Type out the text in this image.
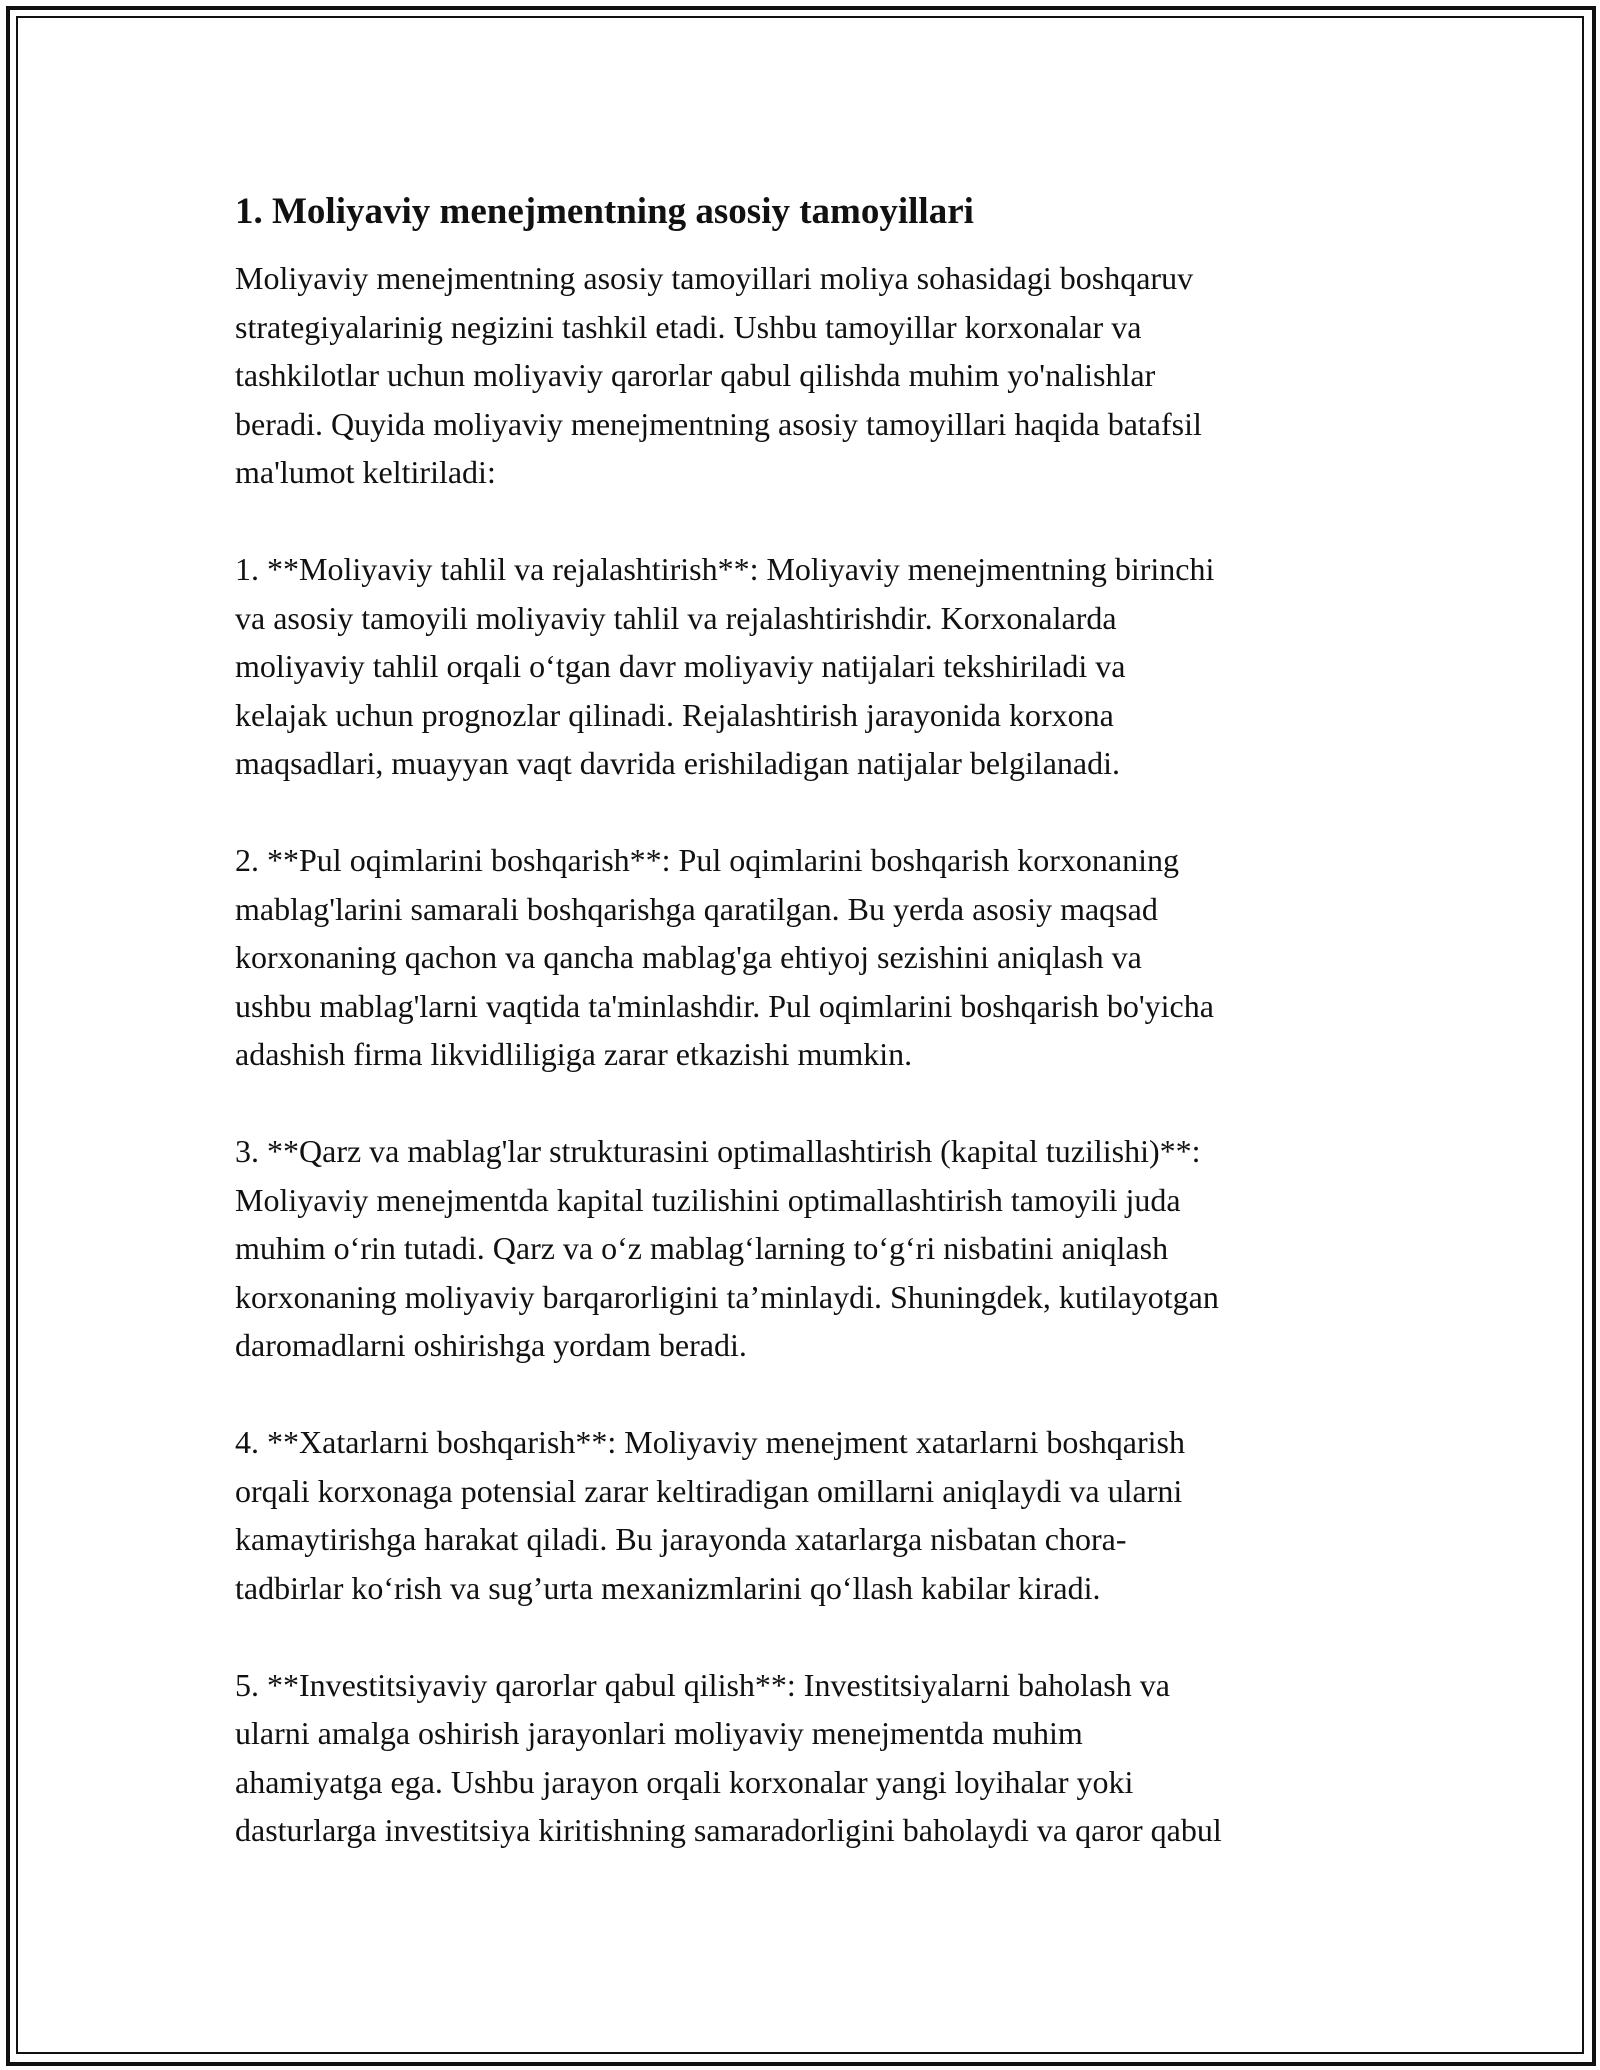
1. Moliyaviy menejmentning asosiy tamoyillari

Moliyaviy menejmentning asosiy tamoyillari moliya sohasidagi boshqaruv
strategiyalarinig negizini tashkil etadi. Ushbu tamoyillar korxonalar va
tashkilotlar uchun moliyaviy qarorlar qabul qilishda muhim yo'nalishlar
beradi. Quyida moliyaviy menejmentning asosiy tamoyillari haqida batafsil
ma'lumot keltiriladi:

1. **Moliyaviy tahlil va rejalashtirish**: Moliyaviy menejmentning birinchi
va asosiy tamoyili moliyaviy tahlil va rejalashtirishdir. Korxonalarda
moliyaviy tahlil orqali o‘tgan davr moliyaviy natijalari tekshiriladi va
kelajak uchun prognozlar qilinadi. Rejalashtirish jarayonida korxona
maqsadlari, muayyan vaqt davrida erishiladigan natijalar belgilanadi.

2. **Pul oqimlarini boshqarish**: Pul oqimlarini boshqarish korxonaning
mablag'larini samarali boshqarishga qaratilgan. Bu yerda asosiy maqsad
korxonaning qachon va qancha mablag'ga ehtiyoj sezishini aniqlash va
ushbu mablag'larni vaqtida ta'minlashdir. Pul oqimlarini boshqarish bo'yicha
adashish firma likvidliligiga zarar etkazishi mumkin.

3. **Qarz va mablag'lar strukturasini optimallashtirish (kapital tuzilishi)**:
Moliyaviy menejmentda kapital tuzilishini optimallashtirish tamoyili juda
muhim o‘rin tutadi. Qarz va o‘z mablag‘larning to‘g‘ri nisbatini aniqlash
korxonaning moliyaviy barqarorligini ta’minlaydi. Shuningdek, kutilayotgan
daromadlarni oshirishga yordam beradi.

4. **Xatarlarni boshqarish**: Moliyaviy menejment xatarlarni boshqarish
orqali korxonaga potensial zarar keltiradigan omillarni aniqlaydi va ularni
kamaytirishga harakat qiladi. Bu jarayonda xatarlarga nisbatan chora-
tadbirlar ko‘rish va sug’urta mexanizmlarini qo‘llash kabilar kiradi.

5. **Investitsiyaviy qarorlar qabul qilish**: Investitsiyalarni baholash va
ularni amalga oshirish jarayonlari moliyaviy menejmentda muhim
ahamiyatga ega. Ushbu jarayon orqali korxonalar yangi loyihalar yoki
dasturlarga investitsiya kiritishning samaradorligini baholaydi va qaror qabul
